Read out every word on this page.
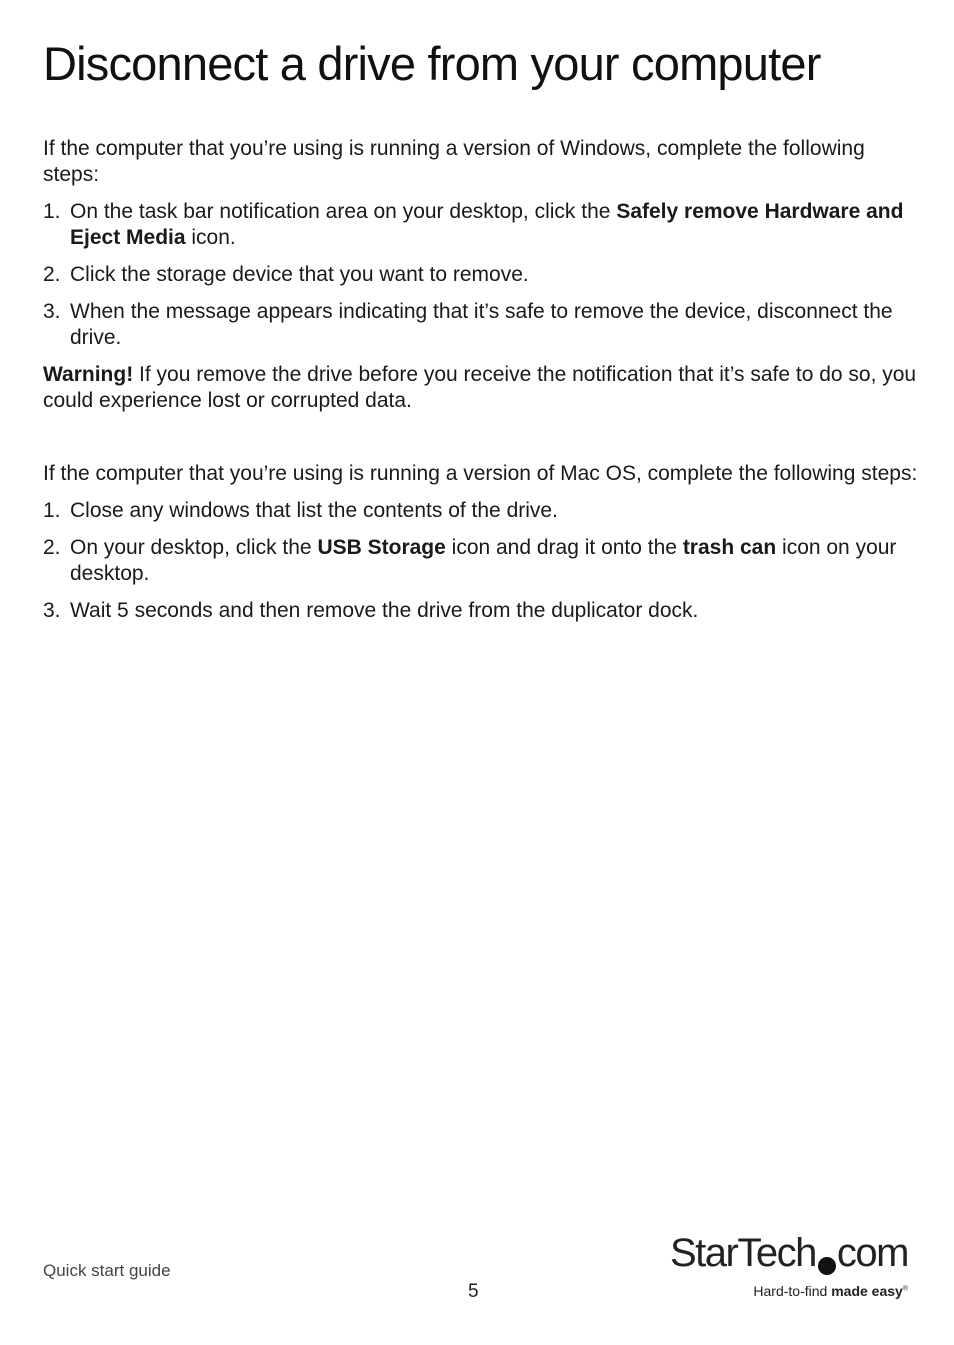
Disconnect a drive from your computer

If the computer that you’re using is running a version of Windows, complete the following steps:

1. On the task bar notification area on your desktop, click the Safely remove Hardware and Eject Media icon.
2. Click the storage device that you want to remove.
3. When the message appears indicating that it’s safe to remove the device, disconnect the drive.

Warning! If you remove the drive before you receive the notification that it’s safe to do so, you could experience lost or corrupted data.

If the computer that you’re using is running a version of Mac OS, complete the following steps:

1. Close any windows that list the contents of the drive.
2. On your desktop, click the USB Storage icon and drag it onto the trash can icon on your desktop.
3. Wait 5 seconds and then remove the drive from the duplicator dock.
Quick start guide
5
StarTech com
Hard-to-find made easy®
